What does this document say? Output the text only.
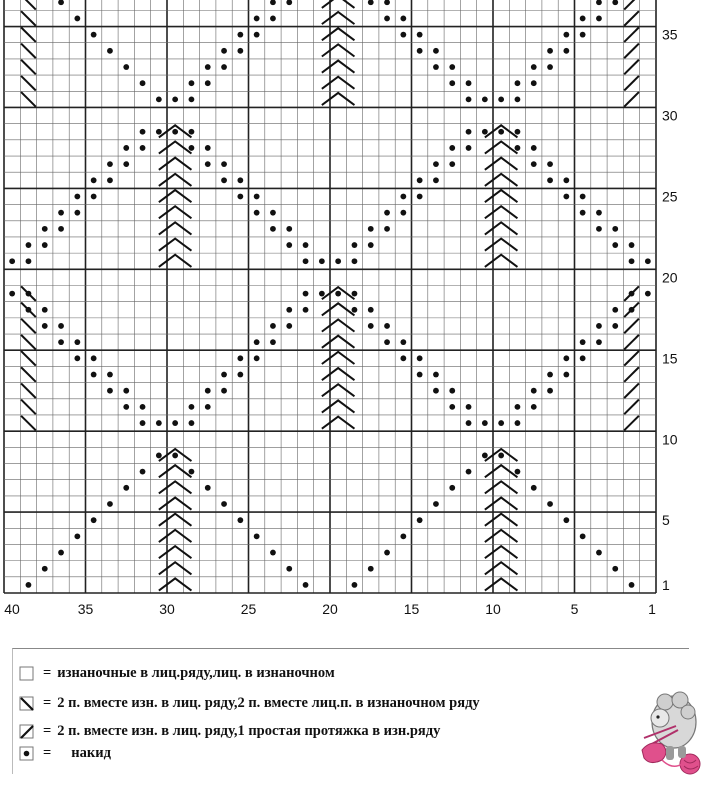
40	35	30	25	20	15	10	5	1
35
30
25
20
15
10
5
1
= изнаночные в лиц.ряду,лиц. в изнаночном
= 2 п. вместе изн. в лиц. ряду,2 п. вместе лиц.п. в изнаночном ряду
= 2 п. вместе изн. в лиц. ряду,1 простая протяжка в изн.ряду
= накид
